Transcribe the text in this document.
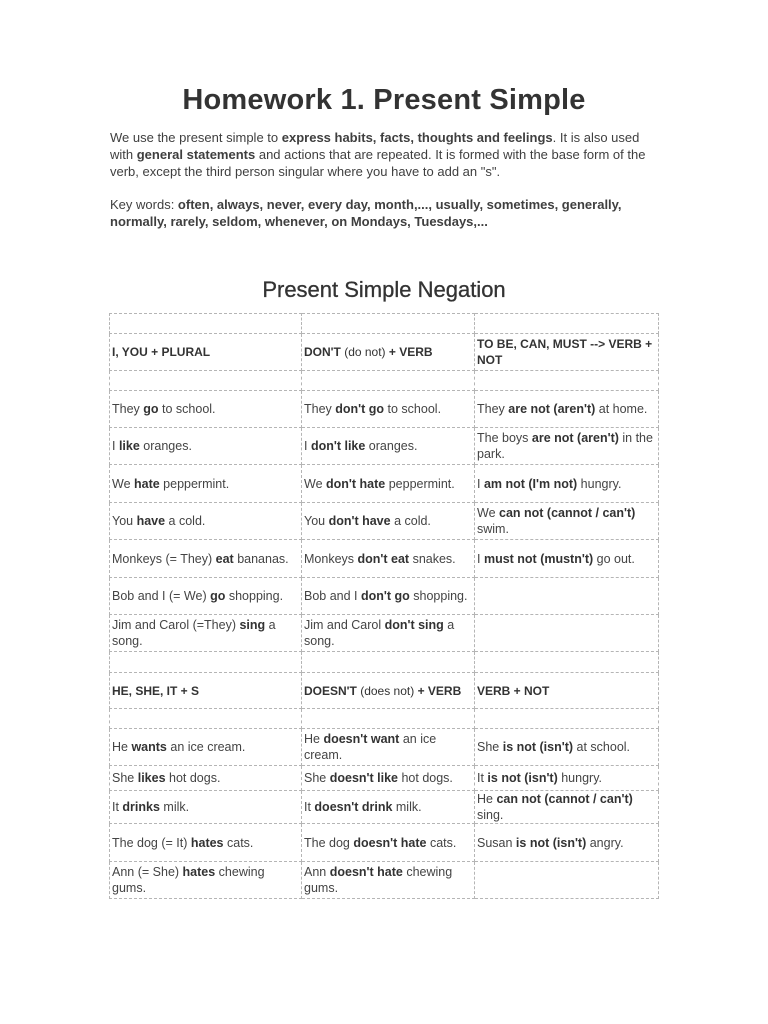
Homework 1. Present Simple

We use the present simple to express habits, facts, thoughts and feelings. It is also used with general statements and actions that are repeated. It is formed with the base form of the verb, except the third person singular where you have to add an "s".

Key words: often, always, never, every day, month,..., usually, sometimes, generally, normally, rarely, seldom, whenever, on Mondays, Tuesdays,...

Present Simple Negation

I, YOU + PLURAL	DON'T (do not) + VERB	TO BE, CAN, MUST --> VERB + NOT

They go to school.	They don't go to school.	They are not (aren't) at home.
I like oranges.	I don't like oranges.	The boys are not (aren't) in the park.
We hate peppermint.	We don't hate peppermint.	I am not (I'm not) hungry.
You have a cold.	You don't have a cold.	We can not (cannot / can't) swim.
Monkeys (= They) eat bananas.	Monkeys don't eat snakes.	I must not (mustn't) go out.
Bob and I (= We) go shopping.	Bob and I don't go shopping.	
Jim and Carol (=They) sing a song.	Jim and Carol don't sing a song.	

HE, SHE, IT + S	DOESN'T (does not) + VERB	VERB + NOT

He wants an ice cream.	He doesn't want an ice cream.	She is not (isn't) at school.
She likes hot dogs.	She doesn't like hot dogs.	It is not (isn't) hungry.
It drinks milk.	It doesn't drink milk.	He can not (cannot / can't) sing.
The dog (= It) hates cats.	The dog doesn't hate cats.	Susan is not (isn't) angry.
Ann (= She) hates chewing gums.	Ann doesn't hate chewing gums.	
